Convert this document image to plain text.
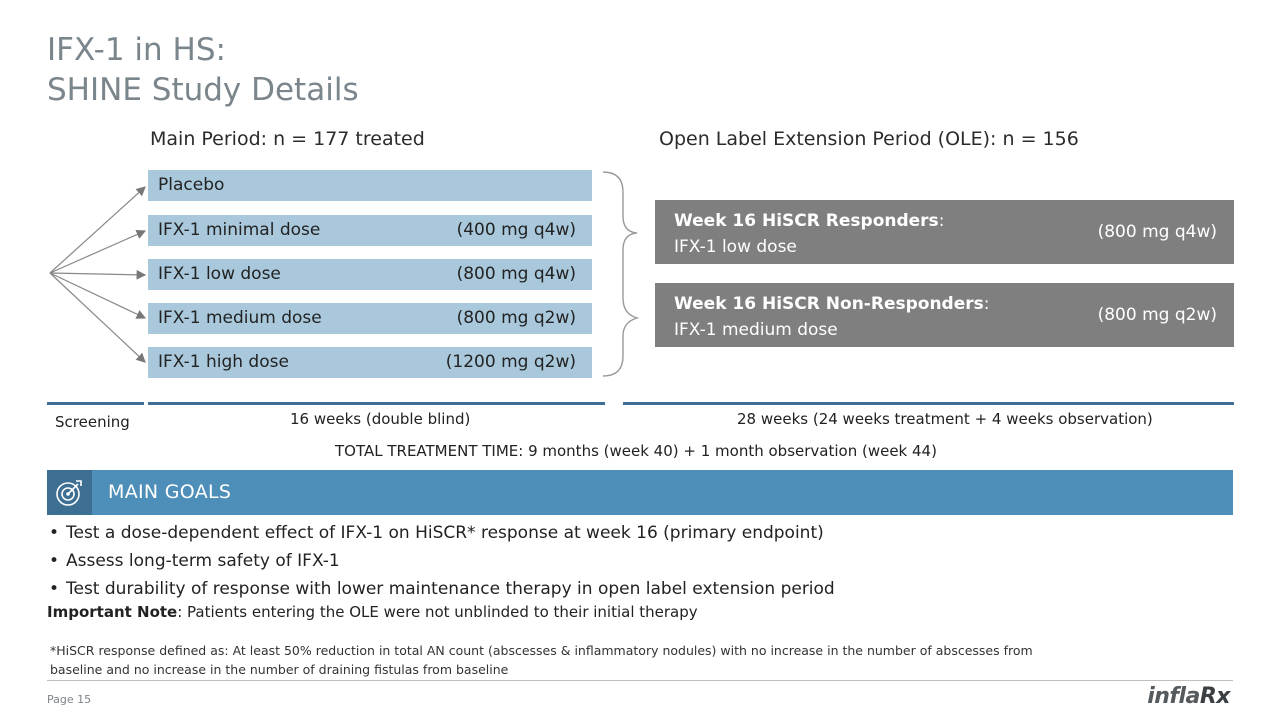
IFX-1 in HS:
SHINE Study Details
Main Period: n = 177 treated	Open Label Extension Period (OLE): n = 156
Placebo
IFX-1 minimal dose	(400 mg q4w)
IFX-1 low dose	(800 mg q4w)
IFX-1 medium dose	(800 mg q2w)
IFX-1 high dose	(1200 mg q2w)
Week 16 HiSCR Responders:
IFX-1 low dose
(800 mg q4w)
Week 16 HiSCR Non-Responders:
IFX-1 medium dose
(800 mg q2w)
Screening	16 weeks (double blind)	28 weeks (24 weeks treatment + 4 weeks observation)
TOTAL TREATMENT TIME: 9 months (week 40) + 1 month observation (week 44)
MAIN GOALS
• Test a dose-dependent effect of IFX-1 on HiSCR* response at week 16 (primary endpoint)
• Assess long-term safety of IFX-1
• Test durability of response with lower maintenance therapy in open label extension period
Important Note: Patients entering the OLE were not unblinded to their initial therapy
*HiSCR response defined as: At least 50% reduction in total AN count (abscesses & inflammatory nodules) with no increase in the number of abscesses from baseline and no increase in the number of draining fistulas from baseline
Page 15	inflaRx
